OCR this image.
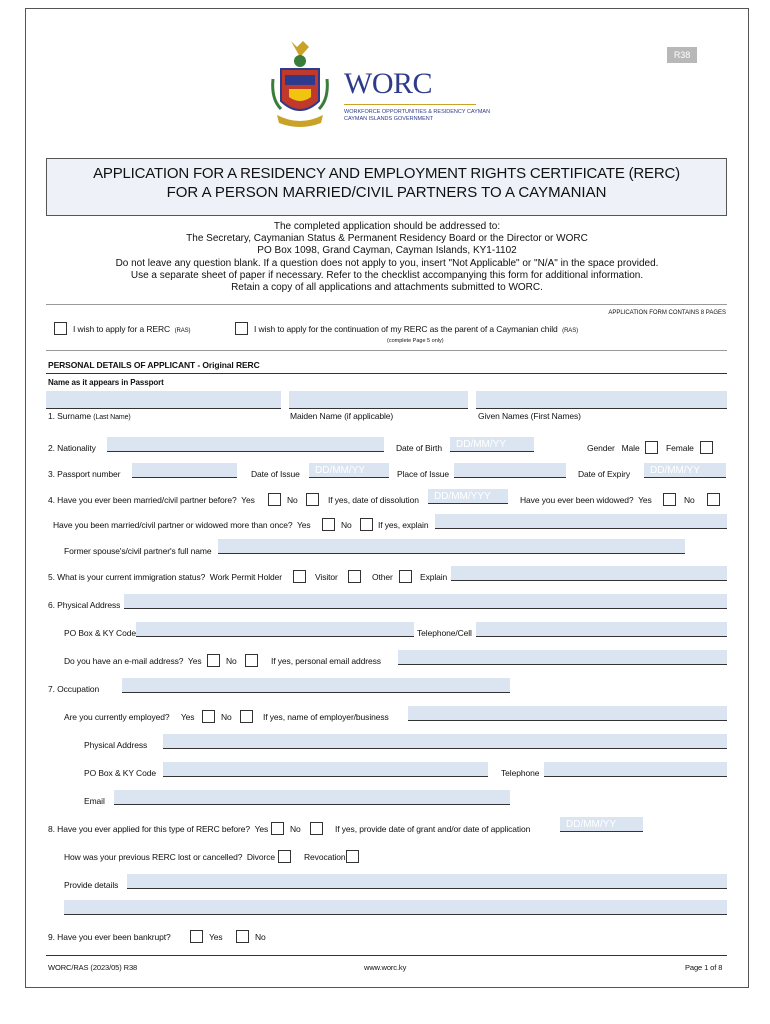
R38
WORC
WORKFORCE OPPORTUNITIES & RESIDENCY CAYMAN
CAYMAN ISLANDS GOVERNMENT
APPLICATION FOR A RESIDENCY AND EMPLOYMENT RIGHTS CERTIFICATE (RERC)
FOR A PERSON MARRIED/CIVIL PARTNERS TO A CAYMANIAN
The completed application should be addressed to:
The Secretary, Caymanian Status & Permanent Residency Board or the Director or WORC
PO Box 1098, Grand Cayman, Cayman Islands, KY1-1102
Do not leave any question blank. If a question does not apply to you, insert "Not Applicable" or "N/A" in the space provided.
Use a separate sheet of paper if necessary. Refer to the checklist accompanying this form for additional information.
Retain a copy of all applications and attachments submitted to WORC.
APPLICATION FORM CONTAINS 8 PAGES
I wish to apply for a RERC (RAS)	I wish to apply for the continuation of my RERC as the parent of a Caymanian child (RAS)
(complete Page 5 only)
PERSONAL DETAILS OF APPLICANT - Original RERC
Name as it appears in Passport
1. Surname (Last Name)	Maiden Name (if applicable)	Given Names (First Names)
2. Nationality	Date of Birth	DD/MM/YY	Gender Male	Female
3. Passport number	Date of Issue	DD/MM/YY	Place of Issue	Date of Expiry	DD/MM/YY
4. Have you ever been married/civil partner before? Yes	No	If yes, date of dissolution	DD/MM/YYY	Have you ever been widowed? Yes	No
Have you been married/civil partner or widowed more than once? Yes	No	If yes, explain
Former spouse's/civil partner's full name
5. What is your current immigration status? Work Permit Holder	Visitor	Other	Explain
6. Physical Address
PO Box & KY Code	Telephone/Cell
Do you have an e-mail address? Yes	No	If yes, personal email address
7. Occupation
Are you currently employed? Yes	No	If yes, name of employer/business
Physical Address
PO Box & KY Code	Telephone
Email
8. Have you ever applied for this type of RERC before? Yes	No	If yes, provide date of grant and/or date of application	DD/MM/YY
How was your previous RERC lost or cancelled? Divorce	Revocation
Provide details
9. Have you ever been bankrupt?	Yes	No
WORC/RAS (2023/05) R38	www.worc.ky	Page 1 of 8
